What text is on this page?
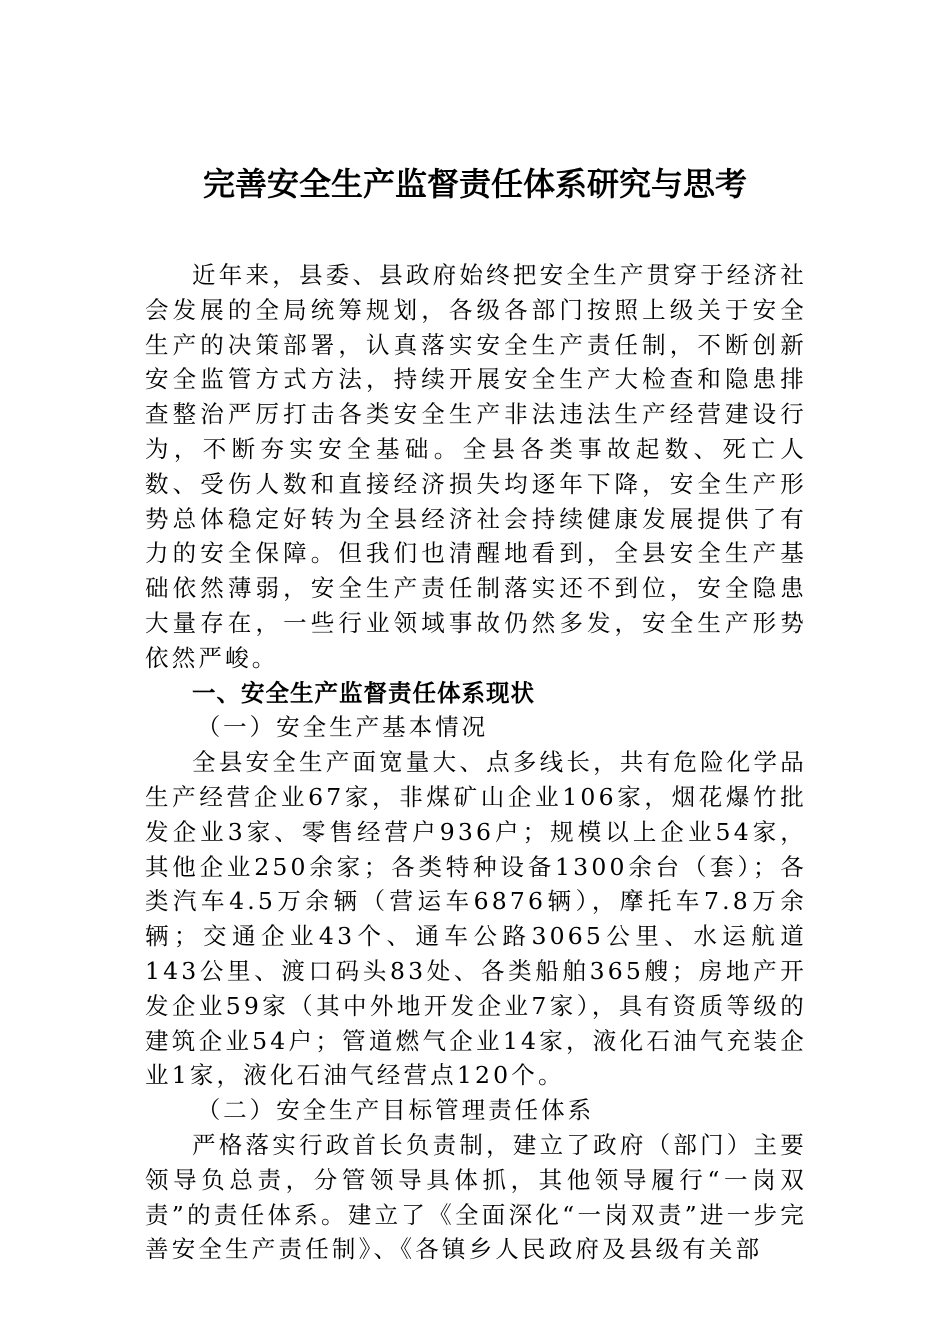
完善安全生产监督责任体系研究与思考

近年来，县委、县政府始终把安全生产贯穿于经济社会发展的全局统筹规划，各级各部门按照上级关于安全生产的决策部署，认真落实安全生产责任制，不断创新安全监管方式方法，持续开展安全生产大检查和隐患排查整治严厉打击各类安全生产非法违法生产经营建设行为，不断夯实安全基础。全县各类事故起数、死亡人数、受伤人数和直接经济损失均逐年下降，安全生产形势总体稳定好转为全县经济社会持续健康发展提供了有力的安全保障。但我们也清醒地看到，全县安全生产基础依然薄弱，安全生产责任制落实还不到位，安全隐患大量存在，一些行业领域事故仍然多发，安全生产形势依然严峻。

一、安全生产监督责任体系现状

（一）安全生产基本情况

全县安全生产面宽量大、点多线长，共有危险化学品生产经营企业67家，非煤矿山企业106家，烟花爆竹批发企业3家、零售经营户936户；规模以上企业54家，其他企业250余家；各类特种设备1300余台（套）；各类汽车4.5万余辆（营运车6876辆），摩托车7.8万余辆；交通企业43个、通车公路3065公里、水运航道143公里、渡口码头83处、各类船舶365艘；房地产开发企业59家（其中外地开发企业7家），具有资质等级的建筑企业54户；管道燃气企业14家，液化石油气充装企业1家，液化石油气经营点120个。

（二）安全生产目标管理责任体系

严格落实行政首长负责制，建立了政府（部门）主要领导负总责，分管领导具体抓，其他领导履行“一岗双责”的责任体系。建立了《全面深化“一岗双责”进一步完善安全生产责任制》、《各镇乡人民政府及县级有关部
